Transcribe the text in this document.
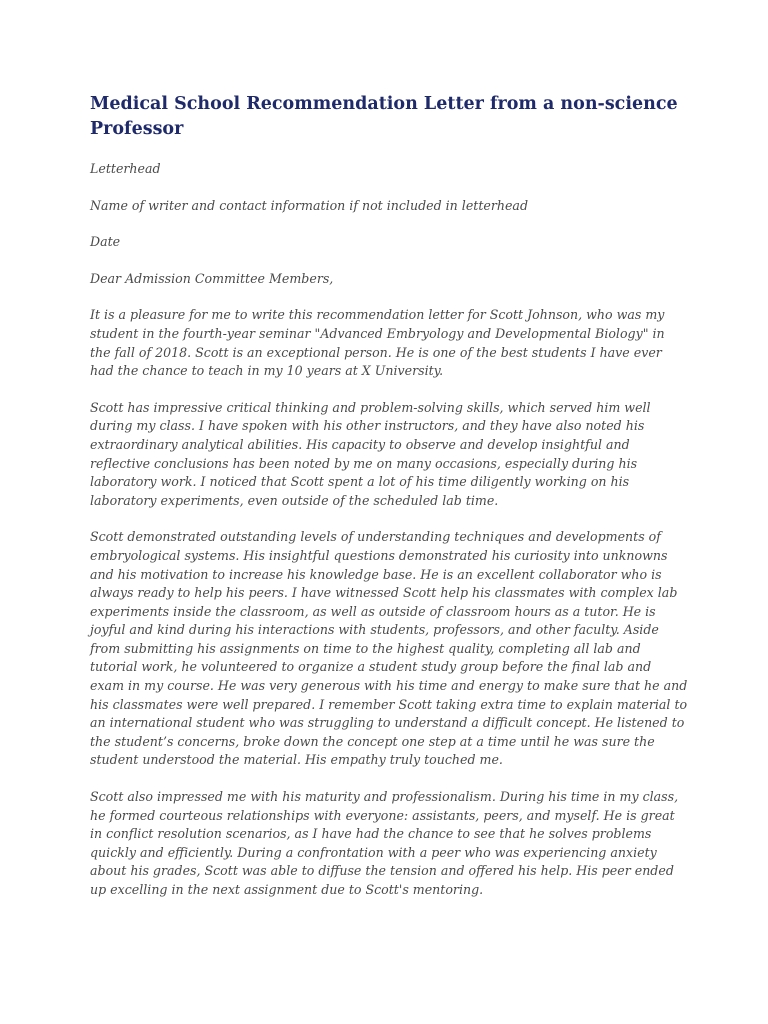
Medical School Recommendation Letter from a non-science Professor

Letterhead

Name of writer and contact information if not included in letterhead

Date

Dear Admission Committee Members,

It is a pleasure for me to write this recommendation letter for Scott Johnson, who was my student in the fourth-year seminar "Advanced Embryology and Developmental Biology" in the fall of 2018. Scott is an exceptional person. He is one of the best students I have ever had the chance to teach in my 10 years at X University.

Scott has impressive critical thinking and problem-solving skills, which served him well during my class. I have spoken with his other instructors, and they have also noted his extraordinary analytical abilities. His capacity to observe and develop insightful and reflective conclusions has been noted by me on many occasions, especially during his laboratory work. I noticed that Scott spent a lot of his time diligently working on his laboratory experiments, even outside of the scheduled lab time.

Scott demonstrated outstanding levels of understanding techniques and developments of embryological systems. His insightful questions demonstrated his curiosity into unknowns and his motivation to increase his knowledge base. He is an excellent collaborator who is always ready to help his peers. I have witnessed Scott help his classmates with complex lab experiments inside the classroom, as well as outside of classroom hours as a tutor. He is joyful and kind during his interactions with students, professors, and other faculty. Aside from submitting his assignments on time to the highest quality, completing all lab and tutorial work, he volunteered to organize a student study group before the final lab and exam in my course. He was very generous with his time and energy to make sure that he and his classmates were well prepared. I remember Scott taking extra time to explain material to an international student who was struggling to understand a difficult concept. He listened to the student’s concerns, broke down the concept one step at a time until he was sure the student understood the material. His empathy truly touched me.

Scott also impressed me with his maturity and professionalism. During his time in my class, he formed courteous relationships with everyone: assistants, peers, and myself. He is great in conflict resolution scenarios, as I have had the chance to see that he solves problems quickly and efficiently. During a confrontation with a peer who was experiencing anxiety about his grades, Scott was able to diffuse the tension and offered his help. His peer ended up excelling in the next assignment due to Scott's mentoring.
